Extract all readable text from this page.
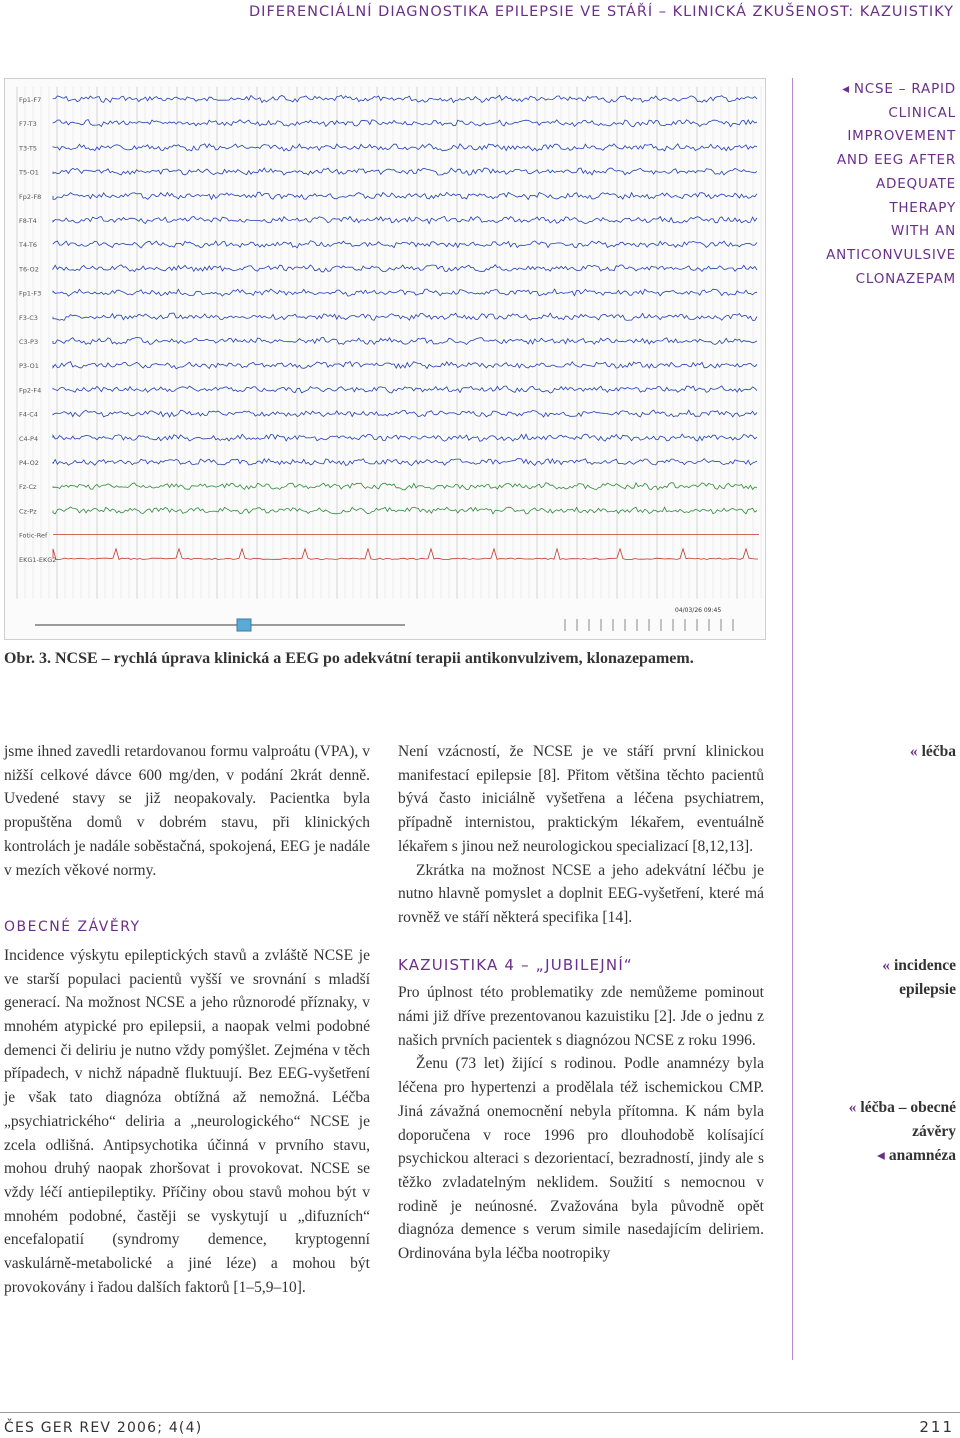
DIFERENCIÁLNÍ DIAGNOSTIKA EPILEPSIE VE STÁŘÍ – KLINICKÁ ZKUŠENOST: KAZUISTIKY
Fp1-F7
F7-T3
T3-T5
T5-O1
Fp2-F8
F8-T4
T4-T6
T6-O2
Fp1-F3
F3-C3
C3-P3
P3-O1
Fp2-F4
F4-C4
C4-P4
P4-O2
Fz-Cz
Cz-Pz
Fotic-Ref
EKG1-EKG2
04/03/26 09:45
Obr. 3. NCSE – rychlá úprava klinická a EEG po adekvátní terapii antikonvulzivem, klonazepamem.
◂ NCSE – RAPID
CLINICAL
IMPROVEMENT
AND EEG AFTER
ADEQUATE
THERAPY
WITH AN
ANTICONVULSIVE
CLONAZEPAM

jsme ihned zavedli retardovanou formu valproátu (VPA), v nižší celkové dávce 600 mg/den, v podání 2krát denně. Uvedené stavy se již neopakovaly. Pacientka byla propuštěna domů v dobrém stavu, při klinických kontrolách je nadále soběstačná, spokojená, EEG je nadále v mezích věkové normy.

OBECNÉ ZÁVĚRY

Incidence výskytu epileptických stavů a zvláště NCSE je ve starší populaci pacientů vyšší ve srovnání s mladší generací. Na možnost NCSE a jeho různorodé příznaky, v mnohém atypické pro epilepsii, a naopak velmi podobné demenci či deliriu je nutno vždy pomýšlet. Zejména v těch případech, v nichž nápadně fluktuují. Bez EEG-vyšetření je však tato diagnóza obtížná až nemožná. Léčba „psychiatrického“ deliria a „neurologického“ NCSE je zcela odlišná. Antipsychotika účinná v prvního stavu, mohou druhý naopak zhoršovat i provokovat. NCSE se vždy léčí antiepileptiky. Příčiny obou stavů mohou být v mnohém podobné, častěji se vyskytují u „difuzních“ encefalopatií (syndromy demence, kryptogenní vaskulárně-metabolické a jiné léze) a mohou být provokovány i řadou dalších faktorů [1–5,9–10].

Není vzácností, že NCSE je ve stáří první klinickou manifestací epilepsie [8]. Přitom většina těchto pacientů bývá často iniciálně vyšetřena a léčena psychiatrem, případně internistou, praktickým lékařem, eventuálně lékařem s jinou než neurologickou specializací [8,12,13].

Zkrátka na možnost NCSE a jeho adekvátní léčbu je nutno hlavně pomyslet a doplnit EEG-vyšetření, které má rovněž ve stáří některá specifika [14].

KAZUISTIKA 4 – „JUBILEJNÍ“

Pro úplnost této problematiky zde nemůžeme pominout námi již dříve prezentovanou kazuistiku [2]. Jde o jednu z našich prvních pacientek s diagnózou NCSE z roku 1996.

Ženu (73 let) žijící s rodinou. Podle anamnézy byla léčena pro hypertenzi a prodělala též ischemickou CMP. Jiná závažná onemocnění nebyla přítomna. K nám byla doporučena v roce 1996 pro dlouhodobě kolísající psychickou alteraci s dezorientací, bezradností, jindy ale s těžko zvladatelným neklidem. Soužití s nemocnou v rodině je neúnosné. Zvažována byla původně opět diagnóza demence s verum simile nasedajícím deliriem. Ordinována byla léčba nootropiky

« léčba
« incidence
epilepsie
« léčba – obecné
závěry
◂ anamnéza
ČES GER REV 2006; 4(4)	211
